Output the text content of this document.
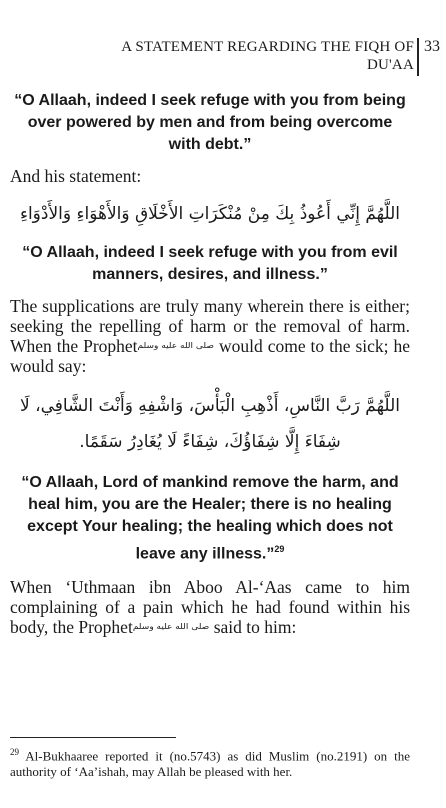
A STATEMENT REGARDING THE FIQH OF DU'AA
33

“O Allaah, indeed I seek refuge with you from being over powered by men and from being overcome with debt.”

And his statement:

اللَّهُمَّ إِنِّي أَعُوذُ بِكَ مِنْ مُنْكَرَاتِ الأَخْلَاقِ وَالأَهْوَاءِ وَالأَدْوَاءِ

“O Allaah, indeed I seek refuge with you from evil manners, desires, and illness.”

The supplications are truly many wherein there is either; seeking the repelling of harm or the removal of harm. When the Prophetصلى الله عليه وسلم would come to the sick; he would say:

اللَّهُمَّ رَبَّ النَّاسِ، أَذْهِبِ الْبَأْسَ، وَاشْفِهِ وَأَنْتَ الشَّافِي، لَا شِفَاءَ إِلَّا شِفَاؤُكَ، شِفَاءً لَا يُغَادِرُ سَقَمًا.

“O Allaah, Lord of mankind remove the harm, and heal him, you are the Healer; there is no healing except Your healing; the healing which does not leave any illness.”$^{29}$

When ‘Uthmaan ibn Aboo Al-‘Aas came to him complaining of a pain which he had found within his body, the Prophetصلى الله عليه وسلم said to him:

$^{29}$ Al-Bukhaaree reported it (no.5743) as did Muslim (no.2191) on the authority of ‘Aa’ishah, may Allah be pleased with her.
